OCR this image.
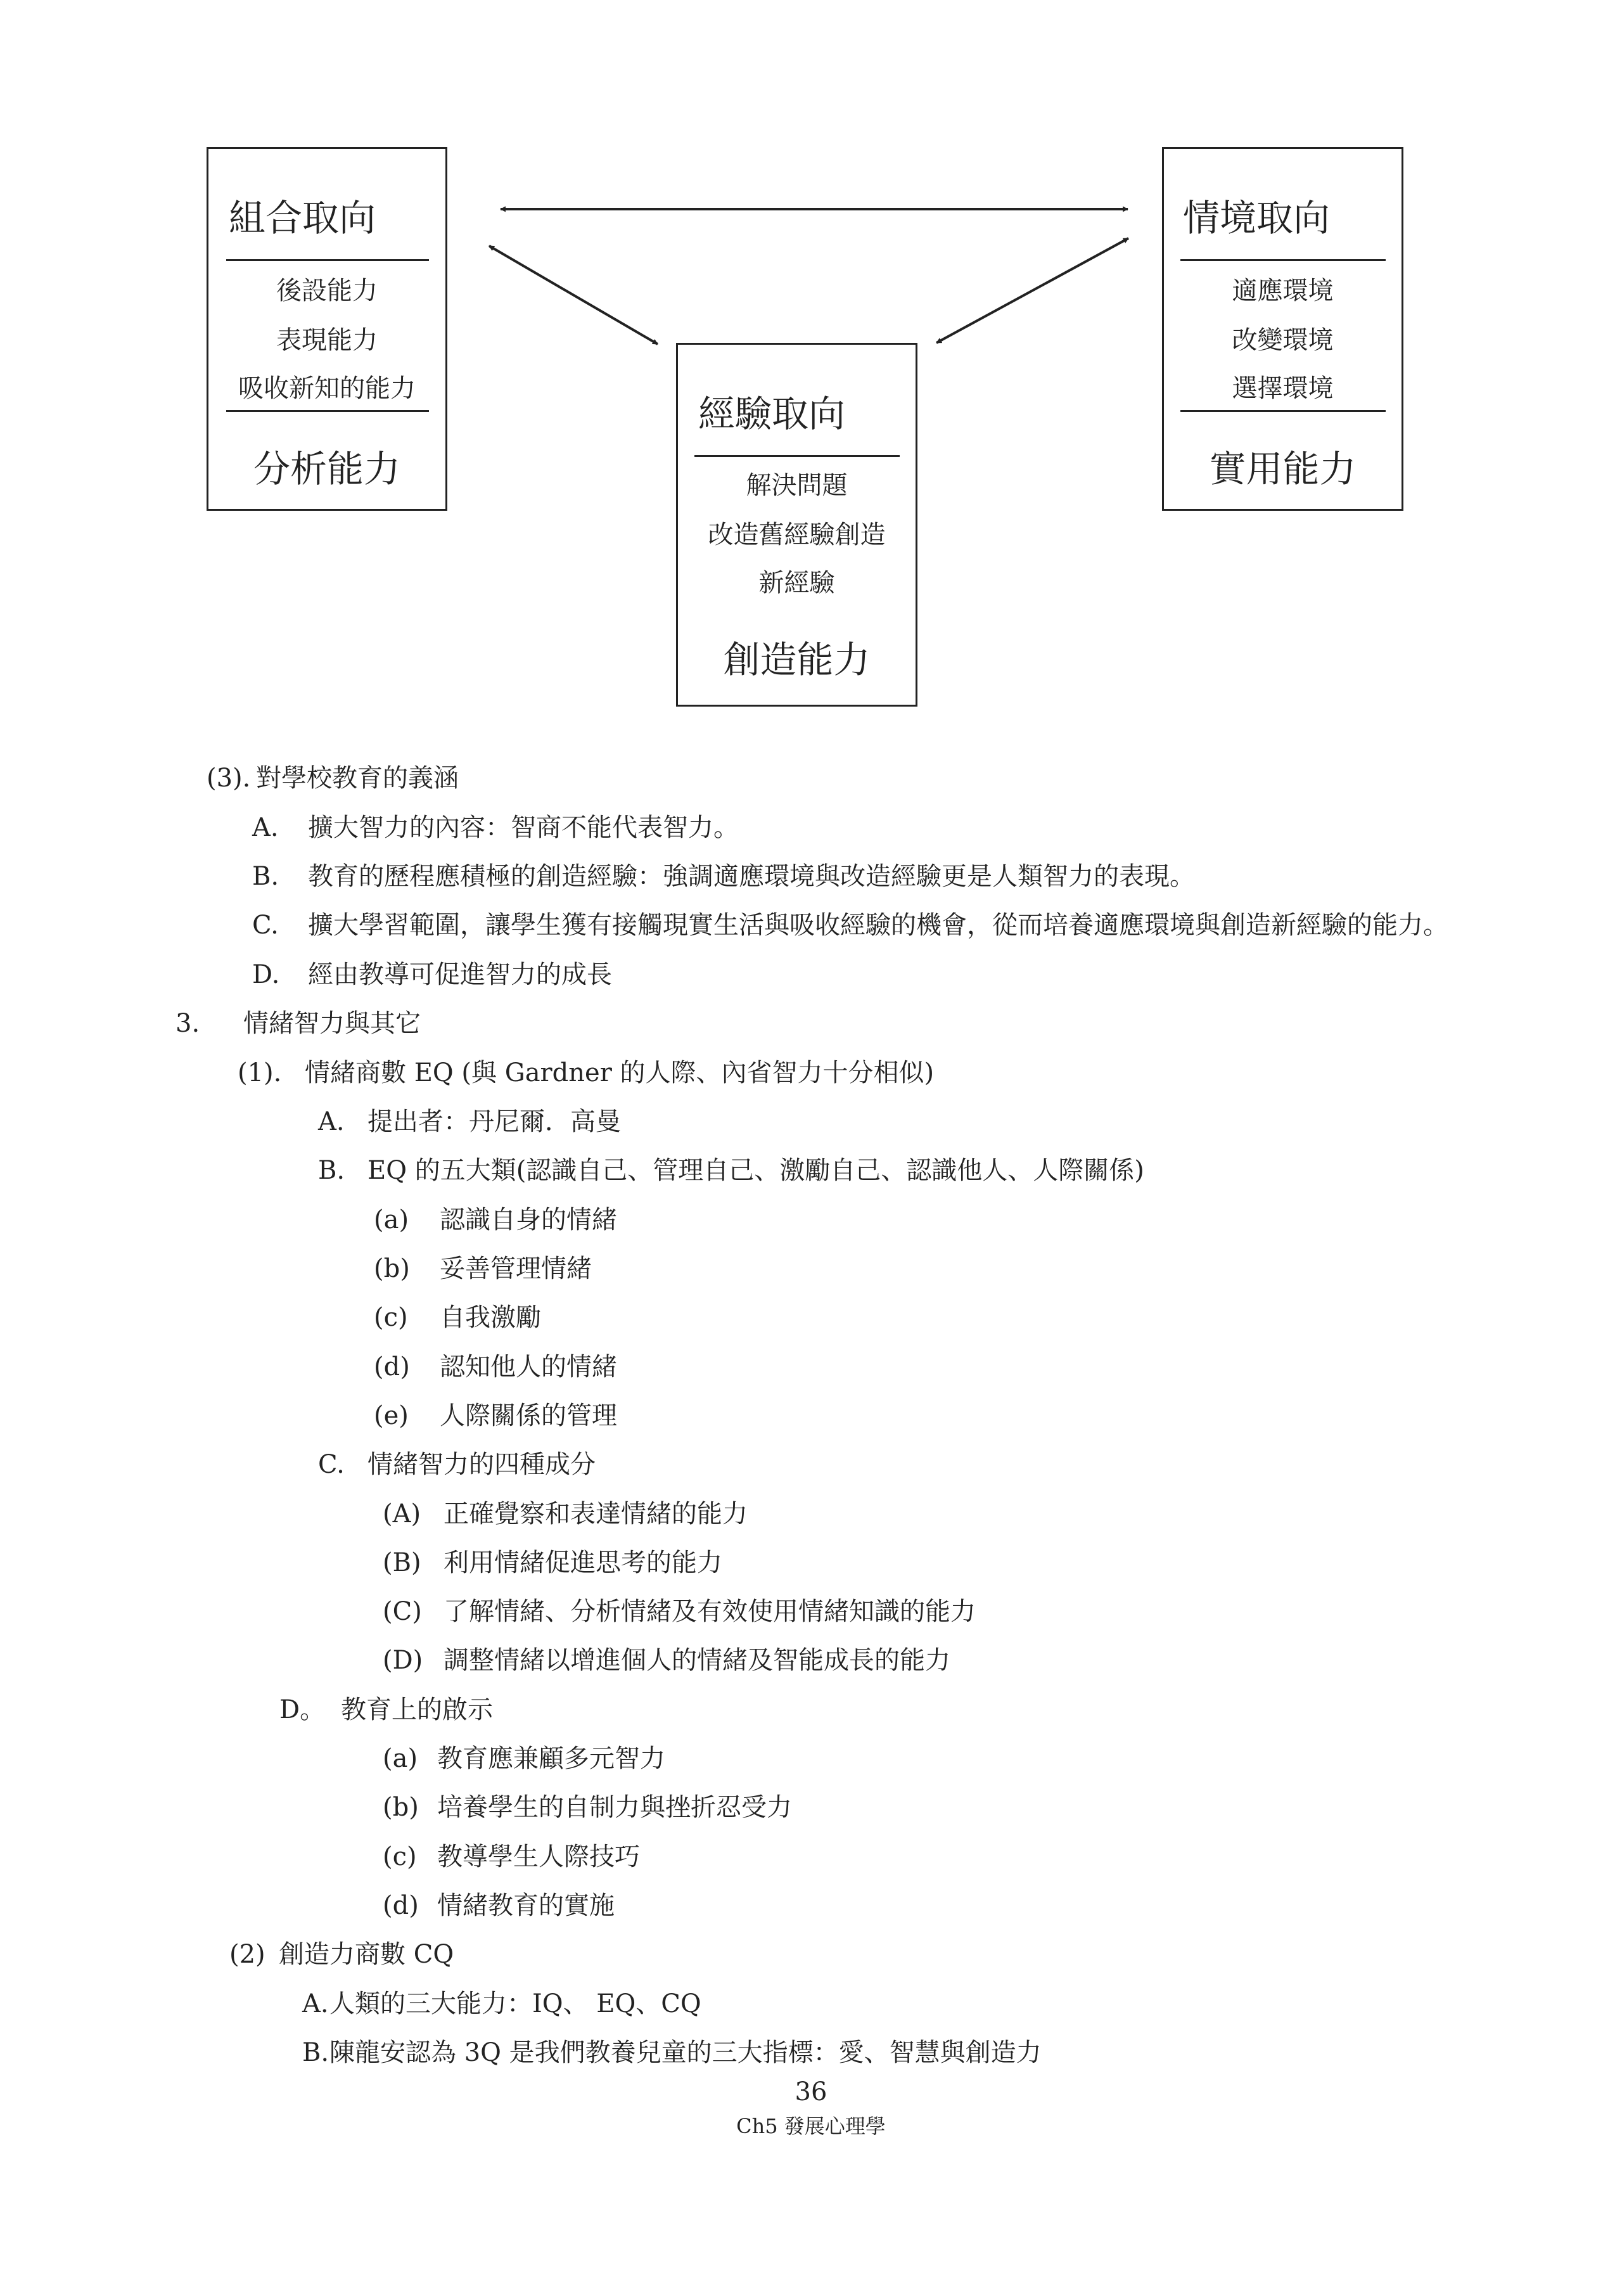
組合取向
後設能力
表現能力
吸收新知的能力
分析能力
經驗取向
解決問題
改造舊經驗創造
新經驗
創造能力
情境取向
適應環境
改變環境
選擇環境
實用能力
(3). 對學校教育的義涵
A. 擴大智力的內容：智商不能代表智力。
B. 教育的歷程應積極的創造經驗：強調適應環境與改造經驗更是人類智力的表現。
C. 擴大學習範圍，讓學生獲有接觸現實生活與吸收經驗的機會，從而培養適應環境與創造新經驗的能力。
D. 經由教導可促進智力的成長
3. 情緒智力與其它
(1). 情緒商數 EQ (與 Gardner 的人際、內省智力十分相似)
A. 提出者：丹尼爾．高曼
B. EQ 的五大類(認識自己、管理自己、激勵自己、認識他人、人際關係)
(a) 認識自身的情緒
(b) 妥善管理情緒
(c) 自我激勵
(d) 認知他人的情緒
(e) 人際關係的管理
C. 情緒智力的四種成分
(A) 正確覺察和表達情緒的能力
(B) 利用情緒促進思考的能力
(C) 了解情緒、分析情緒及有效使用情緒知識的能力
(D) 調整情緒以增進個人的情緒及智能成長的能力
D。 教育上的啟示
(a) 教育應兼顧多元智力
(b) 培養學生的自制力與挫折忍受力
(c) 教導學生人際技巧
(d) 情緒教育的實施
(2) 創造力商數 CQ
A. 人類的三大能力：IQ、 EQ、CQ
B. 陳龍安認為 3Q 是我們教養兒童的三大指標：愛、智慧與創造力
36
Ch5 發展心理學
